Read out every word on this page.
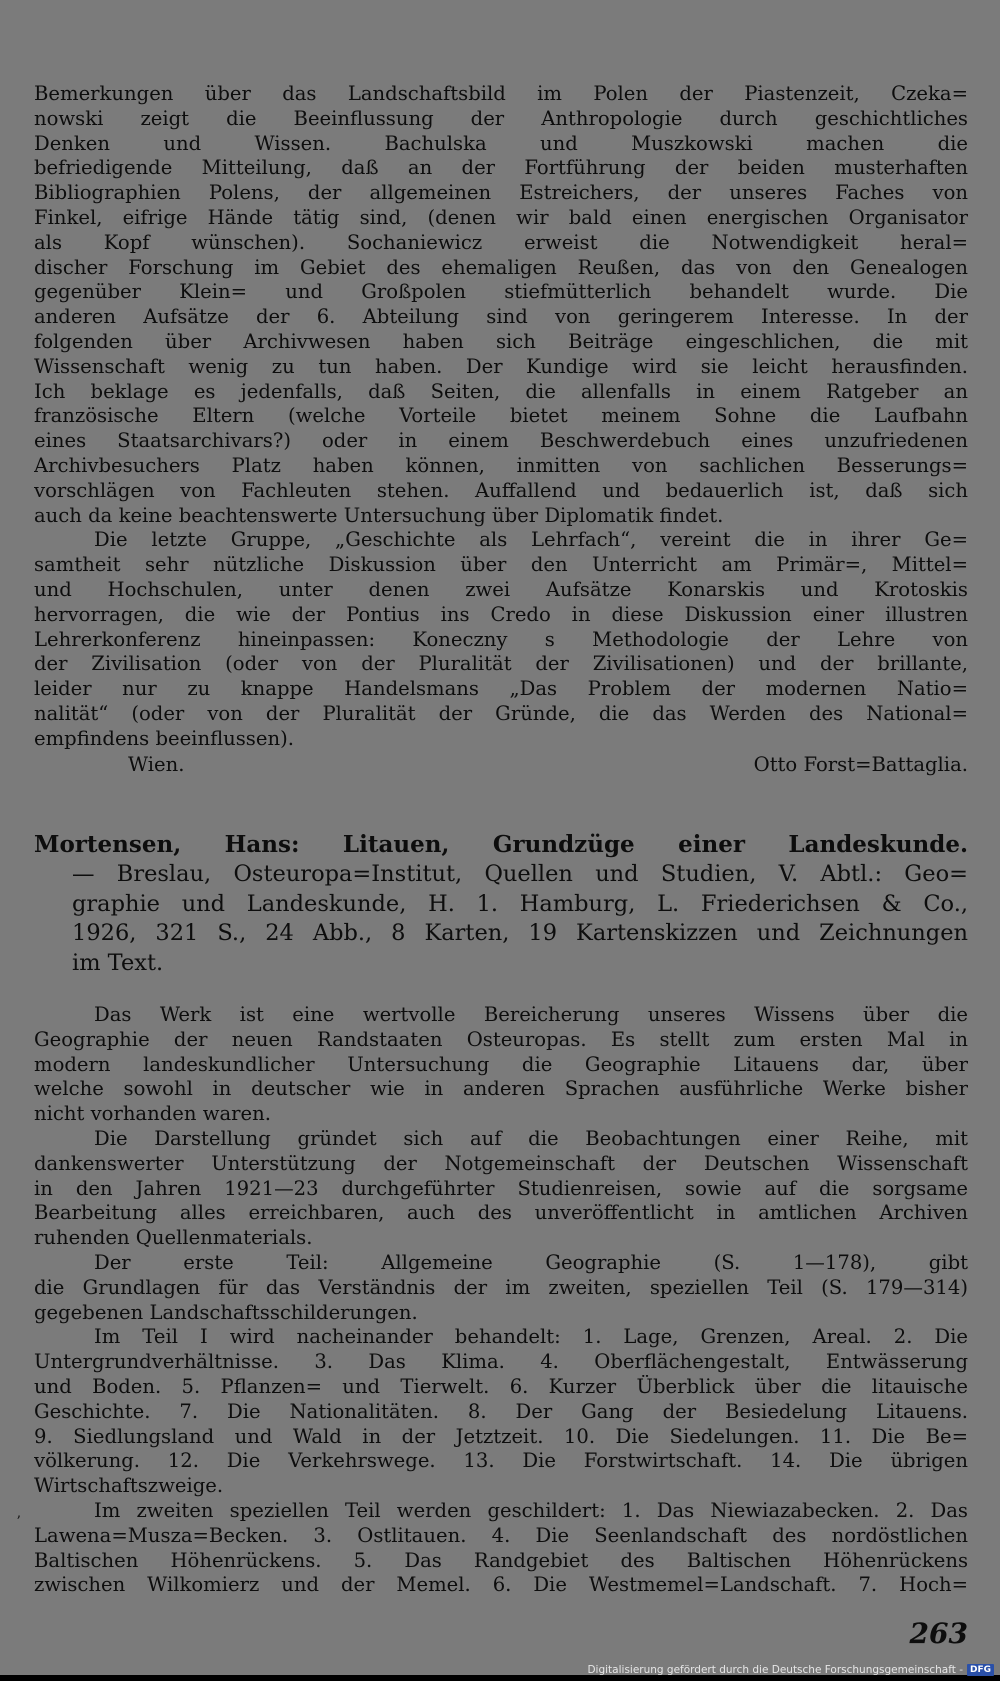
Bemerkungen über das Landschaftsbild im Polen der Piastenzeit, Czeka=
nowski zeigt die Beeinflussung der Anthropologie durch geschichtliches
Denken und Wissen. Bachulska und Muszkowski machen die
befriedigende Mitteilung, daß an der Fortführung der beiden musterhaften
Bibliographien Polens, der allgemeinen Estreichers, der unseres Faches von
Finkel, eifrige Hände tätig sind, (denen wir bald einen energischen Organisator
als Kopf wünschen). Sochaniewicz erweist die Notwendigkeit heral=
discher Forschung im Gebiet des ehemaligen Reußen, das von den Genealogen
gegenüber Klein= und Großpolen stiefmütterlich behandelt wurde. Die
anderen Aufsätze der 6. Abteilung sind von geringerem Interesse. In der
folgenden über Archivwesen haben sich Beiträge eingeschlichen, die mit
Wissenschaft wenig zu tun haben. Der Kundige wird sie leicht herausfinden.
Ich beklage es jedenfalls, daß Seiten, die allenfalls in einem Ratgeber an
französische Eltern (welche Vorteile bietet meinem Sohne die Laufbahn
eines Staatsarchivars?) oder in einem Beschwerdebuch eines unzufriedenen
Archivbesuchers Platz haben können, inmitten von sachlichen Besserungs=
vorschlägen von Fachleuten stehen. Auffallend und bedauerlich ist, daß sich
auch da keine beachtenswerte Untersuchung über Diplomatik findet.
Die letzte Gruppe, „Geschichte als Lehrfach“, vereint die in ihrer Ge=
samtheit sehr nützliche Diskussion über den Unterricht am Primär=, Mittel=
und Hochschulen, unter denen zwei Aufsätze Konarskis und Krotoskis
hervorragen, die wie der Pontius ins Credo in diese Diskussion einer illustren
Lehrerkonferenz hineinpassen: Koneczny s Methodologie der Lehre von
der Zivilisation (oder von der Pluralität der Zivilisationen) und der brillante,
leider nur zu knappe Handelsmans „Das Problem der modernen Natio=
nalität“ (oder von der Pluralität der Gründe, die das Werden des National=
empfindens beeinflussen).
Wien.	Otto Forst=Battaglia.
Mortensen, Hans: Litauen, Grundzüge einer Landeskunde.
— Breslau, Osteuropa=Institut, Quellen und Studien, V. Abtl.: Geo=
graphie und Landeskunde, H. 1. Hamburg, L. Friederichsen & Co.,
1926, 321 S., 24 Abb., 8 Karten, 19 Kartenskizzen und Zeichnungen
im Text.
Das Werk ist eine wertvolle Bereicherung unseres Wissens über die
Geographie der neuen Randstaaten Osteuropas. Es stellt zum ersten Mal in
modern landeskundlicher Untersuchung die Geographie Litauens dar, über
welche sowohl in deutscher wie in anderen Sprachen ausführliche Werke bisher
nicht vorhanden waren.
Die Darstellung gründet sich auf die Beobachtungen einer Reihe, mit
dankenswerter Unterstützung der Notgemeinschaft der Deutschen Wissenschaft
in den Jahren 1921—23 durchgeführter Studienreisen, sowie auf die sorgsame
Bearbeitung alles erreichbaren, auch des unveröffentlicht in amtlichen Archiven
ruhenden Quellenmaterials.
Der erste Teil: Allgemeine Geographie (S. 1—178), gibt
die Grundlagen für das Verständnis der im zweiten, speziellen Teil (S. 179—314)
gegebenen Landschaftsschilderungen.
Im Teil I wird nacheinander behandelt: 1. Lage, Grenzen, Areal. 2. Die
Untergrundverhältnisse. 3. Das Klima. 4. Oberflächengestalt, Entwässerung
und Boden. 5. Pflanzen= und Tierwelt. 6. Kurzer Überblick über die litauische
Geschichte. 7. Die Nationalitäten. 8. Der Gang der Besiedelung Litauens.
9. Siedlungsland und Wald in der Jetztzeit. 10. Die Siedelungen. 11. Die Be=
völkerung. 12. Die Verkehrswege. 13. Die Forstwirtschaft. 14. Die übrigen
Wirtschaftszweige.
Im zweiten speziellen Teil werden geschildert: 1. Das Niewiazabecken. 2. Das
Lawena=Musza=Becken. 3. Ostlitauen. 4. Die Seenlandschaft des nordöstlichen
Baltischen Höhenrückens. 5. Das Randgebiet des Baltischen Höhenrückens
zwischen Wilkomierz und der Memel. 6. Die Westmemel=Landschaft. 7. Hoch=
ʼ
263
Digitalisierung gefördert durch die Deutsche Forschungsgemeinschaft - DFG
